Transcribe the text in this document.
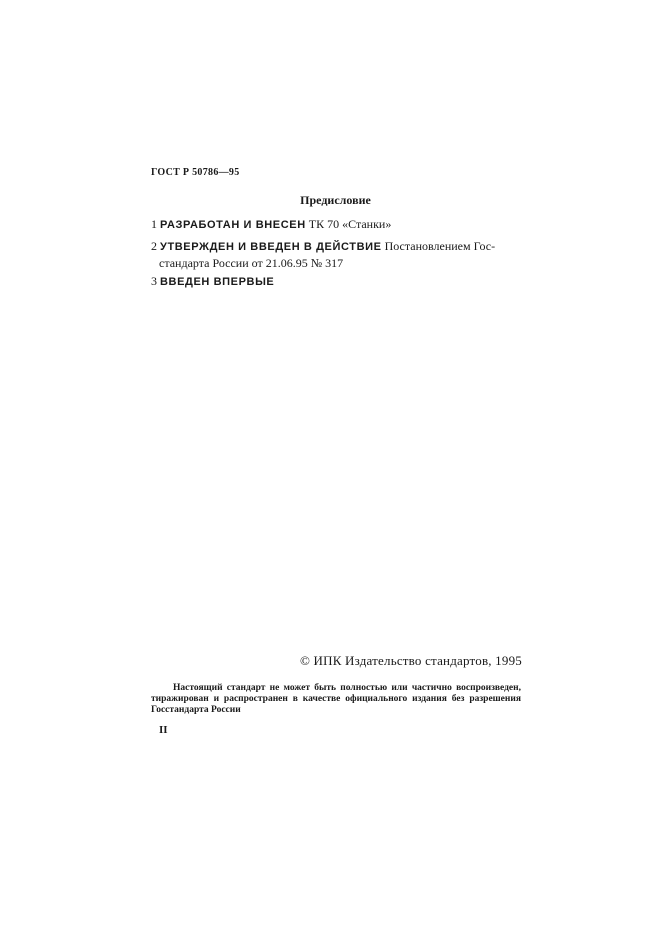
ГОСТ Р 50786—95
Предисловие
1 РАЗРАБОТАН И ВНЕСЕН ТК 70 «Станки»
2 УТВЕРЖДЕН И ВВЕДЕН В ДЕЙСТВИЕ Постановлением Гос-
стандарта России от 21.06.95 № 317
3 ВВЕДЕН ВПЕРВЫЕ
© ИПК Издательство стандартов, 1995
Настоящий стандарт не может быть полностью или частично воспроизведен, тиражирован и распространен в качестве официального издания без разрешения Госстандарта России
II
